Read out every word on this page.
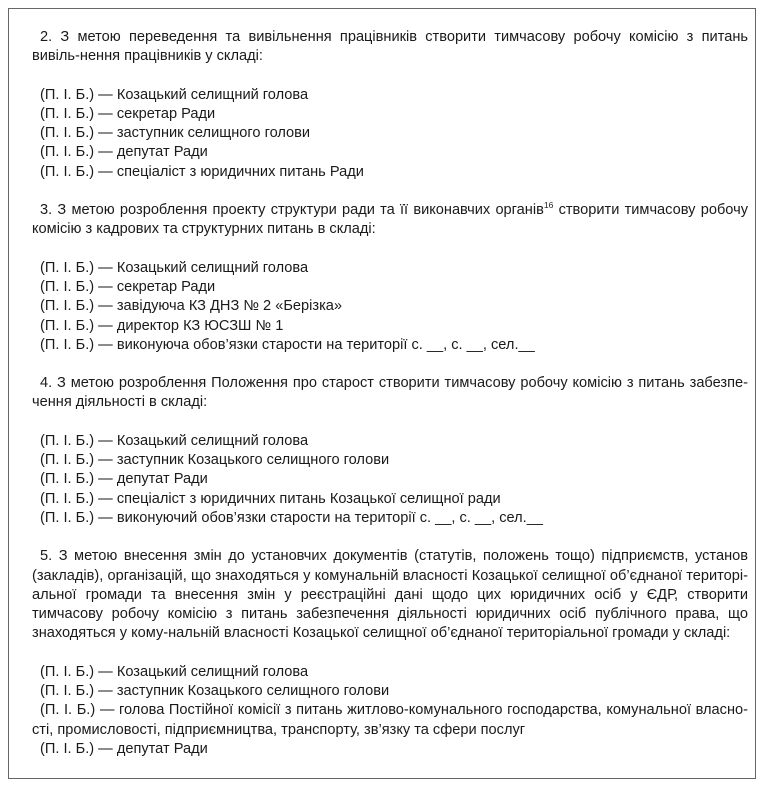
2. З метою переведення та вивільнення працівників створити тимчасову робочу комісію з питань вивіль-нення працівників у складі:

(П. І. Б.) — Козацький селищний голова
(П. І. Б.) — секретар Ради
(П. І. Б.) — заступник селищного голови
(П. І. Б.) — депутат Ради
(П. І. Б.) — спеціаліст з юридичних питань Ради

3. З метою розроблення проекту структури ради та її виконавчих органів$^{16}$ створити тимчасову робочу комісію з кадрових та структурних питань в складі:

(П. І. Б.) — Козацький селищний голова
(П. І. Б.) — секретар Ради
(П. І. Б.) — завідуюча КЗ ДНЗ № 2 «Берізка»
(П. І. Б.) — директор КЗ ЮСЗШ № 1
(П. І. Б.) — виконуюча обов’язки старости на території с. __, с. __, сел.__

4. З метою розроблення Положення про старост створити тимчасову робочу комісію з питань забезпе-чення діяльності в складі:

(П. І. Б.) — Козацький селищний голова
(П. І. Б.) — заступник Козацького селищного голови
(П. І. Б.) — депутат Ради
(П. І. Б.) — спеціаліст з юридичних питань Козацької селищної ради
(П. І. Б.) — виконуючий обов’язки старости на території с. __, с. __, сел.__

5. З метою внесення змін до установчих документів (статутів, положень тощо) підприємств, установ (закладів), організацій, що знаходяться у комунальній власності Козацької селищної об’єднаної територі-альної громади та внесення змін у реєстраційні дані щодо цих юридичних осіб у ЄДР, створити тимчасову робочу комісію з питань забезпечення діяльності юридичних осіб публічного права, що знаходяться у кому-нальній власності Козацької селищної об’єднаної територіальної громади у складі:

(П. І. Б.) — Козацький селищний голова
(П. І. Б.) — заступник Козацького селищного голови
(П. І. Б.) — голова Постійної комісії з питань житлово-комунального господарства, комунальної власно-сті, промисловості, підприємництва, транспорту, зв’язку та сфери послуг
(П. І. Б.) — депутат Ради
